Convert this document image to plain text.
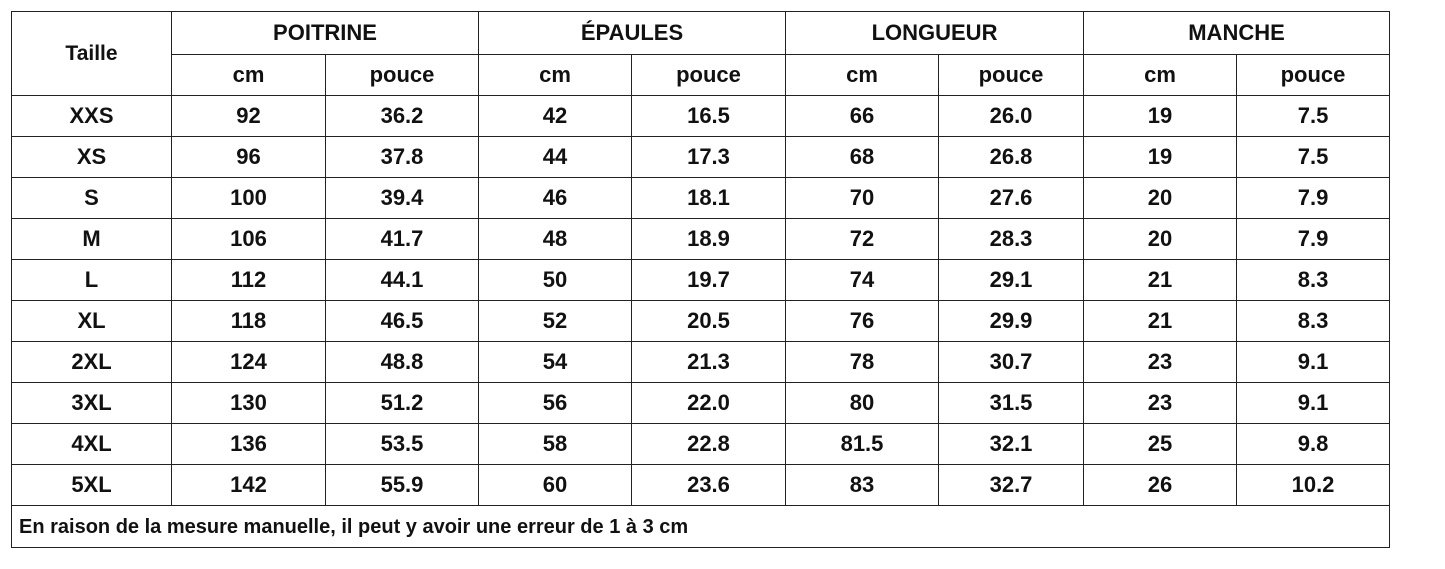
Taille	POITRINE		ÉPAULES		LONGUEUR		MANCHE	
	cm	pouce	cm	pouce	cm	pouce	cm	pouce
XXS	92	36.2	42	16.5	66	26.0	19	7.5
XS	96	37.8	44	17.3	68	26.8	19	7.5
S	100	39.4	46	18.1	70	27.6	20	7.9
M	106	41.7	48	18.9	72	28.3	20	7.9
L	112	44.1	50	19.7	74	29.1	21	8.3
XL	118	46.5	52	20.5	76	29.9	21	8.3
2XL	124	48.8	54	21.3	78	30.7	23	9.1
3XL	130	51.2	56	22.0	80	31.5	23	9.1
4XL	136	53.5	58	22.8	81.5	32.1	25	9.8
5XL	142	55.9	60	23.6	83	32.7	26	10.2
En raison de la mesure manuelle, il peut y avoir une erreur de 1 à 3 cm								
